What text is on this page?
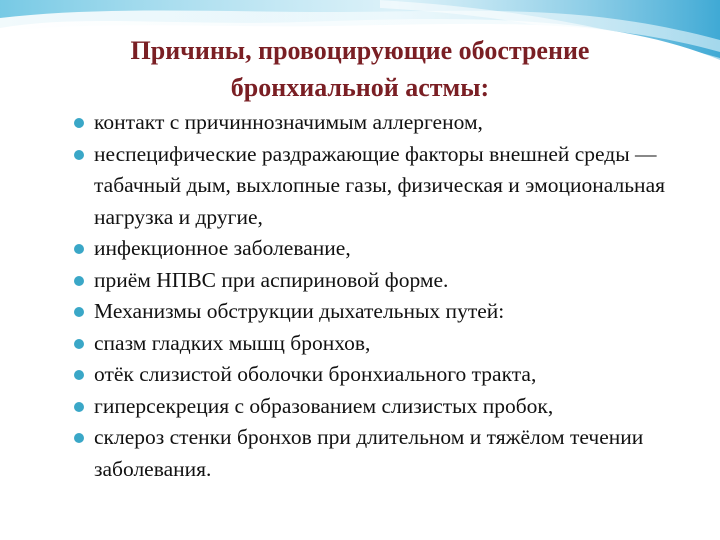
Причины, провоцирующие обострение
бронхиальной астмы:
контакт с причиннозначимым аллергеном,
неспецифические раздражающие факторы внешней среды — табачный дым, выхлопные газы, физическая и эмоциональная нагрузка и другие,
инфекционное заболевание,
приём НПВС при аспириновой форме.
Механизмы обструкции дыхательных путей:
спазм гладких мышц бронхов,
отёк слизистой оболочки бронхиального тракта,
гиперсекреция с образованием слизистых пробок,
склероз стенки бронхов при длительном и тяжёлом течении заболевания.
